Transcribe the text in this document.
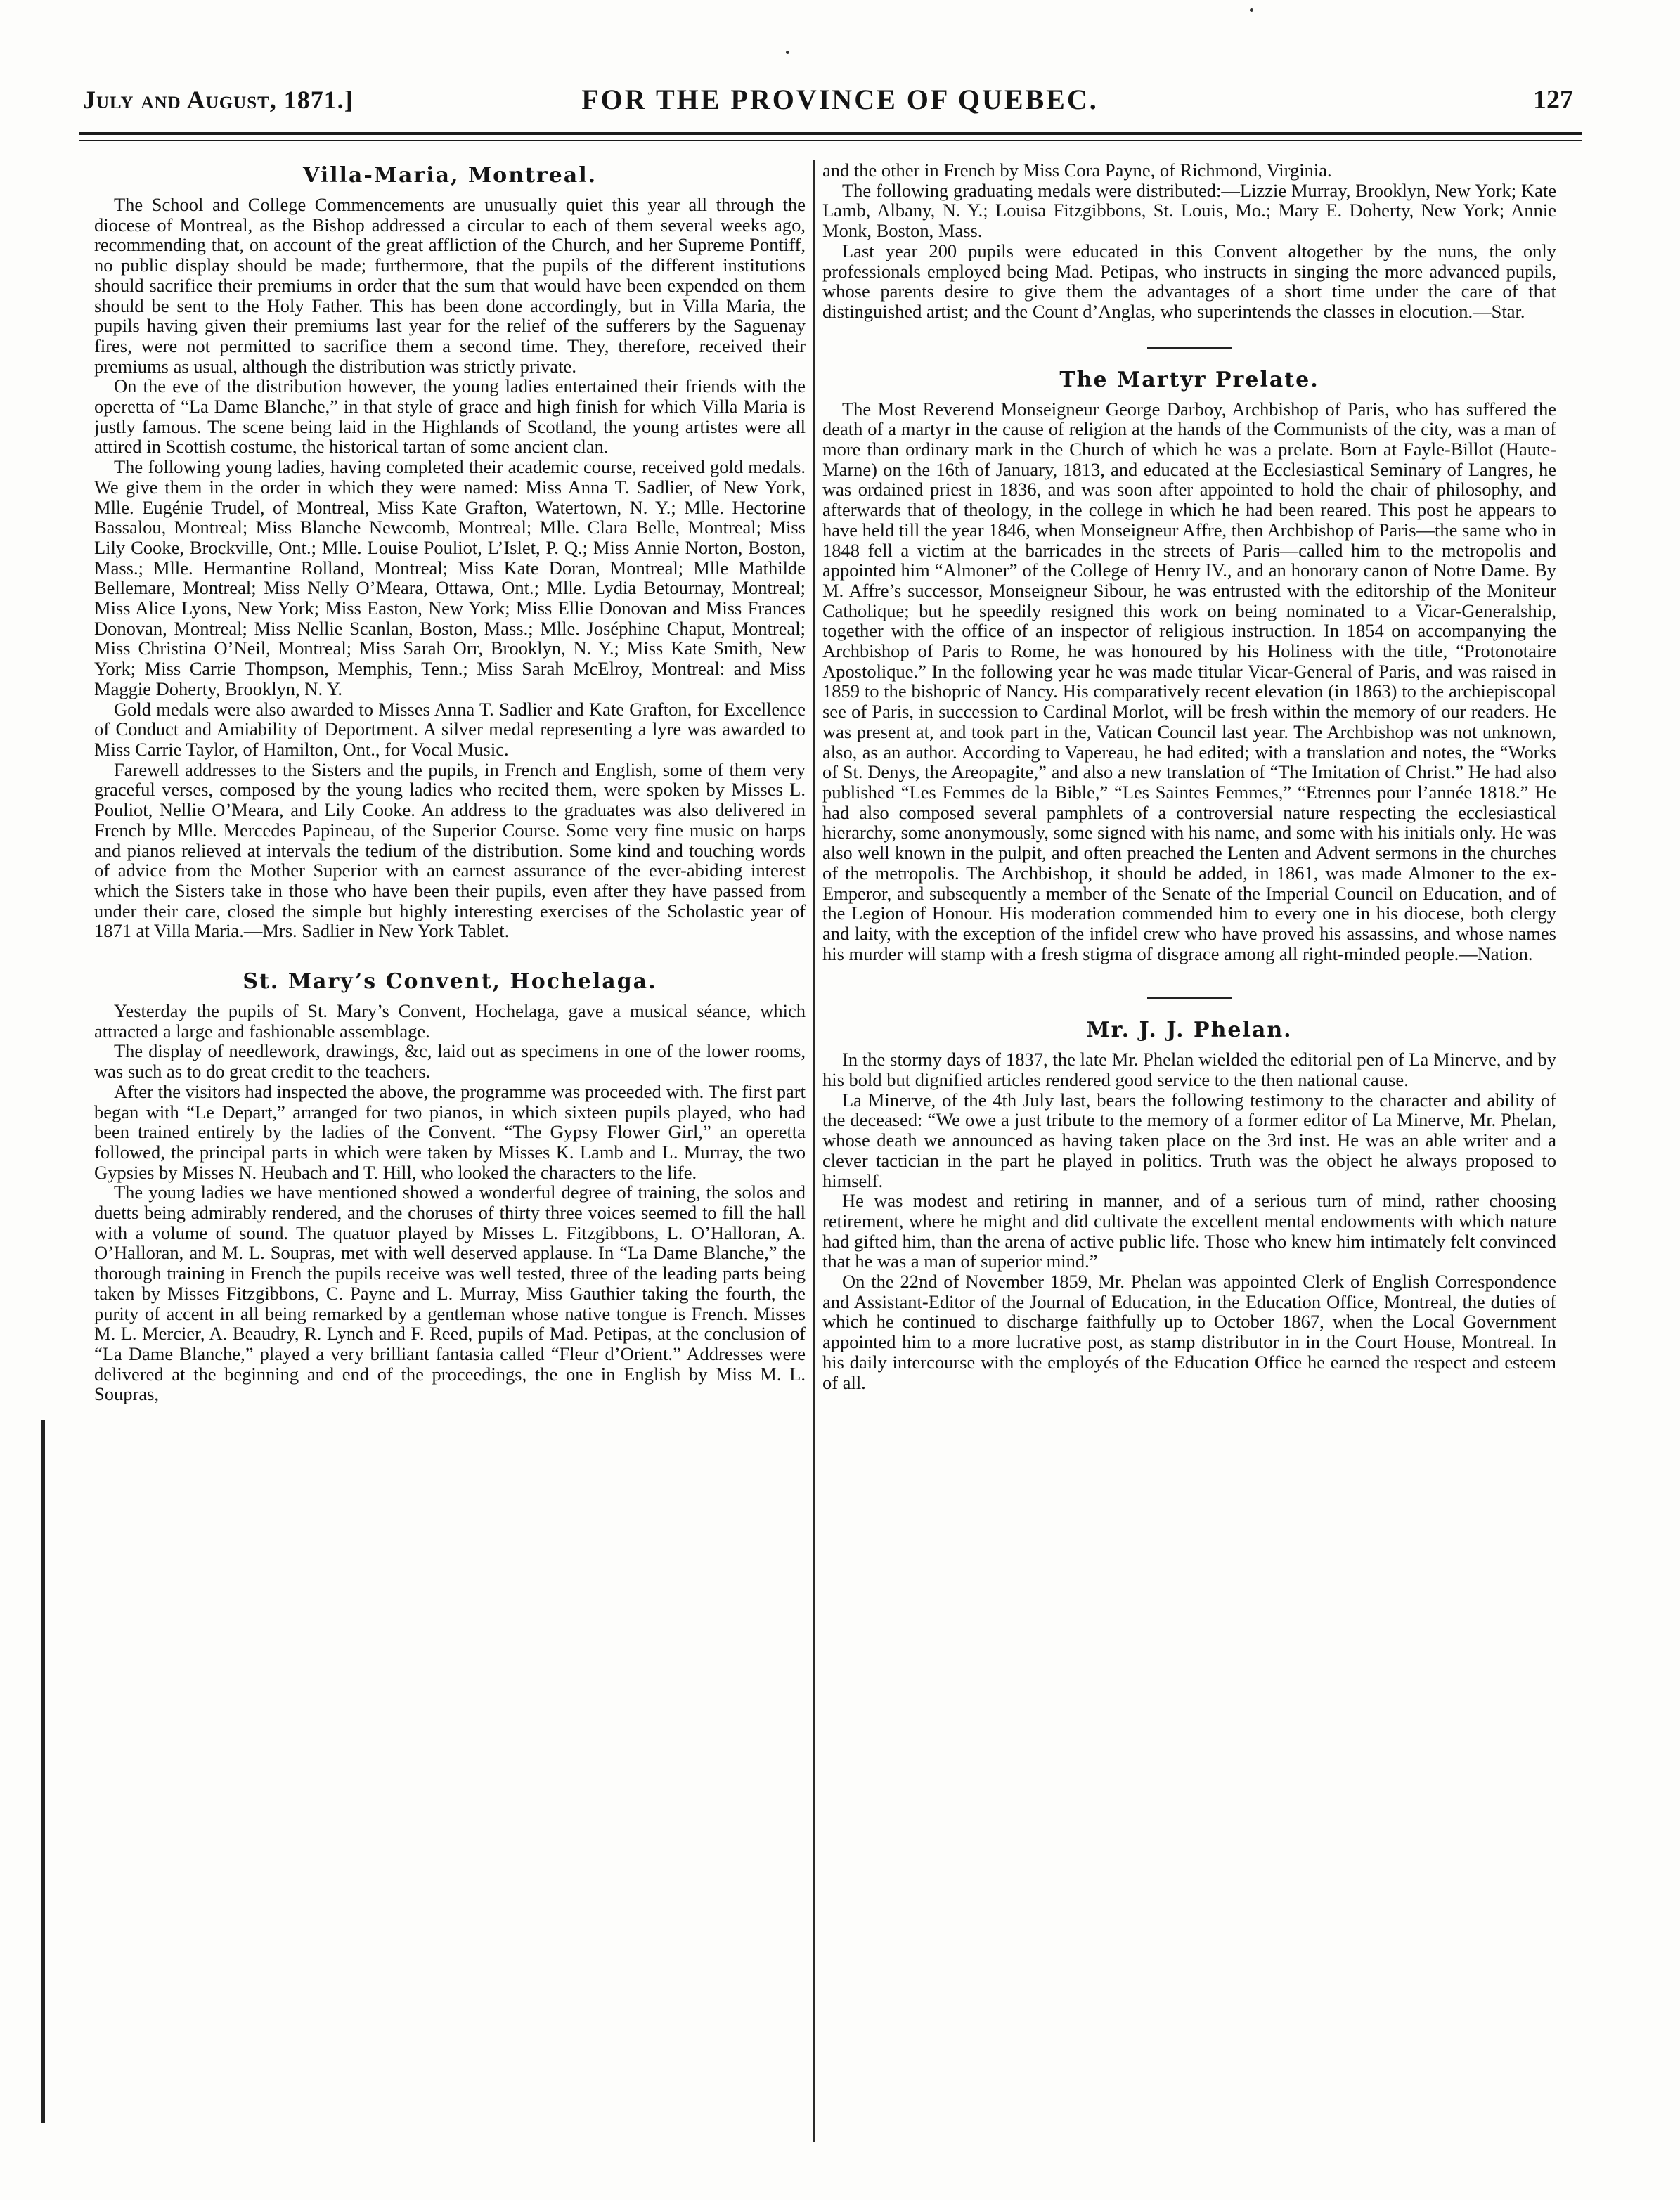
July and August, 1871.]	FOR THE PROVINCE OF QUEBEC.	127
Villa-Maria, Montreal.

The School and College Commencements are unusually quiet this year all through the diocese of Montreal, as the Bishop addressed a circular to each of them several weeks ago, recommending that, on account of the great affliction of the Church, and her Supreme Pontiff, no public display should be made; furthermore, that the pupils of the different institutions should sacrifice their premiums in order that the sum that would have been expended on them should be sent to the Holy Father. This has been done accordingly, but in Villa Maria, the pupils having given their premiums last year for the relief of the sufferers by the Saguenay fires, were not permitted to sacrifice them a second time. They, therefore, received their premiums as usual, although the distribution was strictly private.

On the eve of the distribution however, the young ladies entertained their friends with the operetta of “La Dame Blanche,” in that style of grace and high finish for which Villa Maria is justly famous. The scene being laid in the Highlands of Scotland, the young artistes were all attired in Scottish costume, the historical tartan of some ancient clan.

The following young ladies, having completed their academic course, received gold medals. We give them in the order in which they were named: Miss Anna T. Sadlier, of New York, Mlle. Eugénie Trudel, of Montreal, Miss Kate Grafton, Watertown, N. Y.; Mlle. Hectorine Bassalou, Montreal; Miss Blanche Newcomb, Montreal; Mlle. Clara Belle, Montreal; Miss Lily Cooke, Brockville, Ont.; Mlle. Louise Pouliot, L’Islet, P. Q.; Miss Annie Norton, Boston, Mass.; Mlle. Hermantine Rolland, Montreal; Miss Kate Doran, Montreal; Mlle Mathilde Bellemare, Montreal; Miss Nelly O’Meara, Ottawa, Ont.; Mlle. Lydia Betournay, Montreal; Miss Alice Lyons, New York; Miss Easton, New York; Miss Ellie Donovan and Miss Frances Donovan, Montreal; Miss Nellie Scanlan, Boston, Mass.; Mlle. Joséphine Chaput, Montreal; Miss Christina O’Neil, Montreal; Miss Sarah Orr, Brooklyn, N. Y.; Miss Kate Smith, New York; Miss Carrie Thompson, Memphis, Tenn.; Miss Sarah McElroy, Montreal: and Miss Maggie Doherty, Brooklyn, N. Y.

Gold medals were also awarded to Misses Anna T. Sadlier and Kate Grafton, for Excellence of Conduct and Amiability of Deportment. A silver medal representing a lyre was awarded to Miss Carrie Taylor, of Hamilton, Ont., for Vocal Music.

Farewell addresses to the Sisters and the pupils, in French and English, some of them very graceful verses, composed by the young ladies who recited them, were spoken by Misses L. Pouliot, Nellie O’Meara, and Lily Cooke. An address to the graduates was also delivered in French by Mlle. Mercedes Papineau, of the Superior Course. Some very fine music on harps and pianos relieved at intervals the tedium of the distribution. Some kind and touching words of advice from the Mother Superior with an earnest assurance of the ever-abiding interest which the Sisters take in those who have been their pupils, even after they have passed from under their care, closed the simple but highly interesting exercises of the Scholastic year of 1871 at Villa Maria.—Mrs. Sadlier in New York Tablet.

St. Mary’s Convent, Hochelaga.

Yesterday the pupils of St. Mary’s Convent, Hochelaga, gave a musical séance, which attracted a large and fashionable assemblage.

The display of needlework, drawings, &c, laid out as specimens in one of the lower rooms, was such as to do great credit to the teachers.

After the visitors had inspected the above, the programme was proceeded with. The first part began with “Le Depart,” arranged for two pianos, in which sixteen pupils played, who had been trained entirely by the ladies of the Convent. “The Gypsy Flower Girl,” an operetta followed, the principal parts in which were taken by Misses K. Lamb and L. Murray, the two Gypsies by Misses N. Heubach and T. Hill, who looked the characters to the life.

The young ladies we have mentioned showed a wonderful degree of training, the solos and duetts being admirably rendered, and the choruses of thirty three voices seemed to fill the hall with a volume of sound. The quatuor played by Misses L. Fitzgibbons, L. O’Halloran, A. O’Halloran, and M. L. Soupras, met with well deserved applause. In “La Dame Blanche,” the thorough training in French the pupils receive was well tested, three of the leading parts being taken by Misses Fitzgibbons, C. Payne and L. Murray, Miss Gauthier taking the fourth, the purity of accent in all being remarked by a gentleman whose native tongue is French. Misses M. L. Mercier, A. Beaudry, R. Lynch and F. Reed, pupils of Mad. Petipas, at the conclusion of “La Dame Blanche,” played a very brilliant fantasia called “Fleur d’Orient.” Addresses were delivered at the beginning and end of the proceedings, the one in English by Miss M. L. Soupras,

and the other in French by Miss Cora Payne, of Richmond, Virginia.

The following graduating medals were distributed:—Lizzie Murray, Brooklyn, New York; Kate Lamb, Albany, N. Y.; Louisa Fitzgibbons, St. Louis, Mo.; Mary E. Doherty, New York; Annie Monk, Boston, Mass.

Last year 200 pupils were educated in this Convent altogether by the nuns, the only professionals employed being Mad. Petipas, who instructs in singing the more advanced pupils, whose parents desire to give them the advantages of a short time under the care of that distinguished artist; and the Count d’Anglas, who superintends the classes in elocution.—Star.

The Martyr Prelate.

The Most Reverend Monseigneur George Darboy, Archbishop of Paris, who has suffered the death of a martyr in the cause of religion at the hands of the Communists of the city, was a man of more than ordinary mark in the Church of which he was a prelate. Born at Fayle-Billot (Haute-Marne) on the 16th of January, 1813, and educated at the Ecclesiastical Seminary of Langres, he was ordained priest in 1836, and was soon after appointed to hold the chair of philosophy, and afterwards that of theology, in the college in which he had been reared. This post he appears to have held till the year 1846, when Monseigneur Affre, then Archbishop of Paris—the same who in 1848 fell a victim at the barricades in the streets of Paris—called him to the metropolis and appointed him “Almoner” of the College of Henry IV., and an honorary canon of Notre Dame. By M. Affre’s successor, Monseigneur Sibour, he was entrusted with the editorship of the Moniteur Catholique; but he speedily resigned this work on being nominated to a Vicar-Generalship, together with the office of an inspector of religious instruction. In 1854 on accompanying the Archbishop of Paris to Rome, he was honoured by his Holiness with the title, “Protonotaire Apostolique.” In the following year he was made titular Vicar-General of Paris, and was raised in 1859 to the bishopric of Nancy. His comparatively recent elevation (in 1863) to the archiepiscopal see of Paris, in succession to Cardinal Morlot, will be fresh within the memory of our readers. He was present at, and took part in the, Vatican Council last year. The Archbishop was not unknown, also, as an author. According to Vapereau, he had edited; with a translation and notes, the “Works of St. Denys, the Areopagite,” and also a new translation of “The Imitation of Christ.” He had also published “Les Femmes de la Bible,” “Les Saintes Femmes,” “Etrennes pour l’année 1818.” He had also composed several pamphlets of a controversial nature respecting the ecclesiastical hierarchy, some anonymously, some signed with his name, and some with his initials only. He was also well known in the pulpit, and often preached the Lenten and Advent sermons in the churches of the metropolis. The Archbishop, it should be added, in 1861, was made Almoner to the ex-Emperor, and subsequently a member of the Senate of the Imperial Council on Education, and of the Legion of Honour. His moderation commended him to every one in his diocese, both clergy and laity, with the exception of the infidel crew who have proved his assassins, and whose names his murder will stamp with a fresh stigma of disgrace among all right-minded people.—Nation.

Mr. J. J. Phelan.

In the stormy days of 1837, the late Mr. Phelan wielded the editorial pen of La Minerve, and by his bold but dignified articles rendered good service to the then national cause.

La Minerve, of the 4th July last, bears the following testimony to the character and ability of the deceased: “We owe a just tribute to the memory of a former editor of La Minerve, Mr. Phelan, whose death we announced as having taken place on the 3rd inst. He was an able writer and a clever tactician in the part he played in politics. Truth was the object he always proposed to himself.

He was modest and retiring in manner, and of a serious turn of mind, rather choosing retirement, where he might and did cultivate the excellent mental endowments with which nature had gifted him, than the arena of active public life. Those who knew him intimately felt convinced that he was a man of superior mind.”

On the 22nd of November 1859, Mr. Phelan was appointed Clerk of English Correspondence and Assistant-Editor of the Journal of Education, in the Education Office, Montreal, the duties of which he continued to discharge faithfully up to October 1867, when the Local Government appointed him to a more lucrative post, as stamp distributor in in the Court House, Montreal. In his daily intercourse with the employés of the Education Office he earned the respect and esteem of all.
